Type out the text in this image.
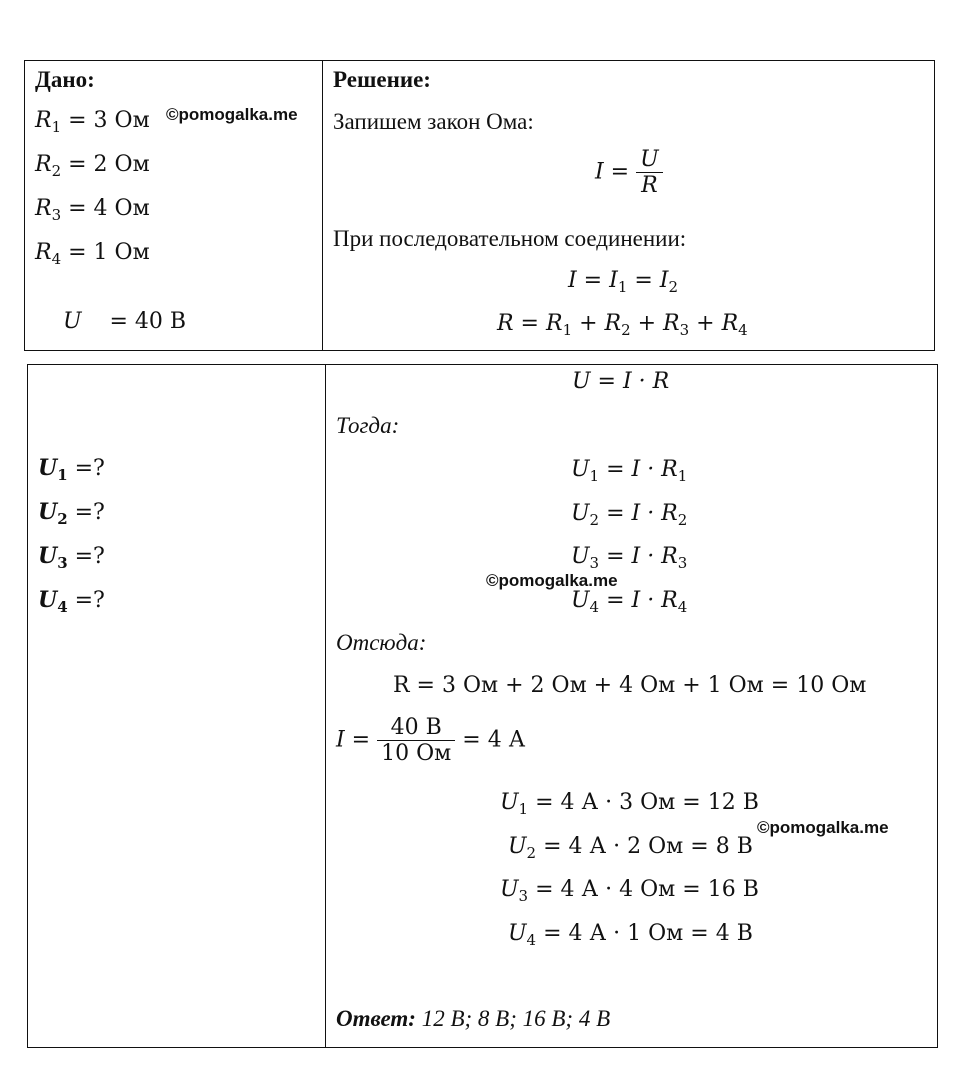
Дано:	Решение:
$R_1 = 3$ Ом
$R_2 = 2$ Ом
$R_3 = 4$ Ом
$R_4 = 1$ Ом

U    = 40 В

©pomogalka.me Запишем закон Ома:
$I = \frac{U}{R}$
При последовательном соединении:
$I = I_1 = I_2$
$R = R_1 + R_2 + R_3 + R_4$
$U_1$ =?
$U_2$ =?
$U_3$ =?
$U_4$ =?
U = I · R
Тогда:
$U_1 = I \cdot R_1$
$U_2 = I \cdot R_2$
$U_3 = I \cdot R_3$
$U_4 = I \cdot R_4$
©pomogalka.me
Отсюда:
R = 3 Ом + 2 Ом + 4 Ом + 1 Ом = 10 Ом
$I = \frac{40 В}{10 Ом} = 4$ А
$U_1 = 4$ А · 3 Ом = 12 В
$U_2 = 4$ А · 2 Ом = 8 В
$U_3 = 4$ А · 4 Ом = 16 В
$U_4 = 4$ А · 1 Ом = 4 В
©pomogalka.me
Ответ: 12 В; 8 В; 16 В; 4 В
